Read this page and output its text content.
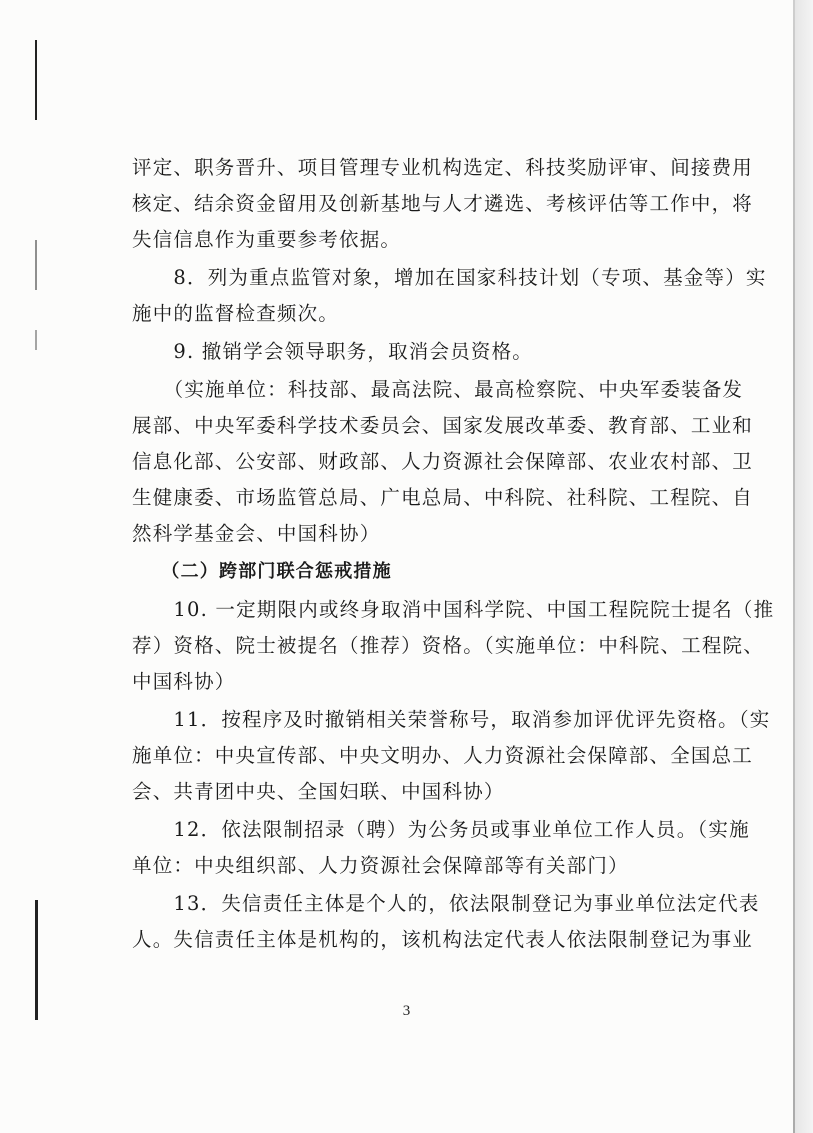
评定、职务晋升、项目管理专业机构选定、科技奖励评审、间接费用
核定、结余资金留用及创新基地与人才遴选、考核评估等工作中，将
失信信息作为重要参考依据。
　　8．列为重点监管对象，增加在国家科技计划（专项、基金等）实
施中的监督检查频次。
　　9. 撤销学会领导职务，取消会员资格。
　　（实施单位：科技部、最高法院、最高检察院、中央军委装备发
展部、中央军委科学技术委员会、国家发展改革委、教育部、工业和
信息化部、公安部、财政部、人力资源社会保障部、农业农村部、卫
生健康委、市场监管总局、广电总局、中科院、社科院、工程院、自
然科学基金会、中国科协）
　　（二）跨部门联合惩戒措施
　　10. 一定期限内或终身取消中国科学院、中国工程院院士提名（推
荐）资格、院士被提名（推荐）资格。（实施单位：中科院、工程院、
中国科协）
　　11．按程序及时撤销相关荣誉称号，取消参加评优评先资格。（实
施单位：中央宣传部、中央文明办、人力资源社会保障部、全国总工
会、共青团中央、全国妇联、中国科协）
　　12．依法限制招录（聘）为公务员或事业单位工作人员。（实施
单位：中央组织部、人力资源社会保障部等有关部门）
　　13．失信责任主体是个人的，依法限制登记为事业单位法定代表
人。失信责任主体是机构的，该机构法定代表人依法限制登记为事业
3
